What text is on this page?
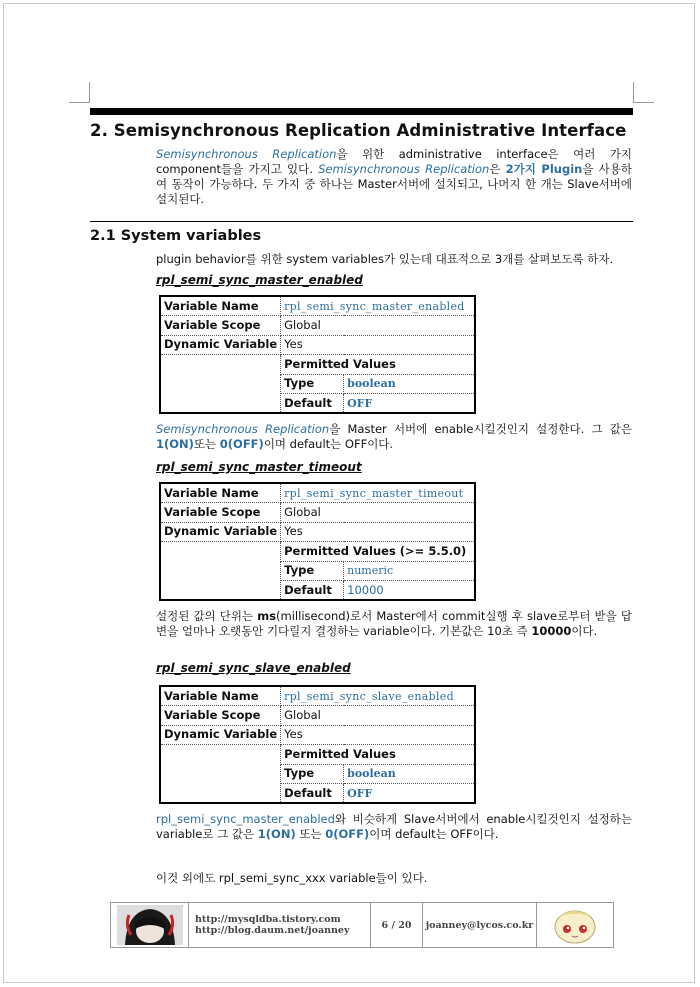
2. Semisynchronous Replication Administrative Interface
Semisynchronous Replication을 위한 administrative interface은 여러 가지 component들을 가지고 있다. Semisynchronous Replication은 2가지 Plugin을 사용하여 동작이 가능하다. 두 가지 중 하나는 Master서버에 설치되고, 나머지 한 개는 Slave서버에 설치된다.
2.1 System variables
plugin behavior를 위한 system variables가 있는데 대표적으로 3개를 살펴보도록 하자.
rpl_semi_sync_master_enabled
Variable Name	rpl_semi_sync_master_enabled	
Variable Scope	Global	
Dynamic Variable	Yes	
	Permitted Values	
	Type	boolean
	Default	OFF
Semisynchronous Replication을 Master 서버에 enable시킬것인지 설정한다. 그 값은 1(ON)또는 0(OFF)이며 default는 OFF이다.
rpl_semi_sync_master_timeout
Variable Name	rpl_semi_sync_master_timeout	
Variable Scope	Global	
Dynamic Variable	Yes	
	Permitted Values (>= 5.5.0)	
	Type	numeric
	Default	10000
설정된 값의 단위는 ms(millisecond)로서 Master에서 commit실행 후 slave로부터 받을 답변을 얼마나 오랫동안 기다릴지 결정하는 variable이다. 기본값은 10초 즉 10000이다.
rpl_semi_sync_slave_enabled
Variable Name	rpl_semi_sync_slave_enabled	
Variable Scope	Global	
Dynamic Variable	Yes	
	Permitted Values	
	Type	boolean
	Default	OFF
rpl_semi_sync_master_enabled와 비슷하게 Slave서버에서 enable시킬것인지 설정하는 variable로 그 값은 1(ON) 또는 0(OFF)이며 default는 OFF이다.
이것 외에도 rpl_semi_sync_xxx variable들이 있다.
http://mysqldba.tistory.com
http://blog.daum.net/joanney	6 / 20 joanney@lycos.co.kr
